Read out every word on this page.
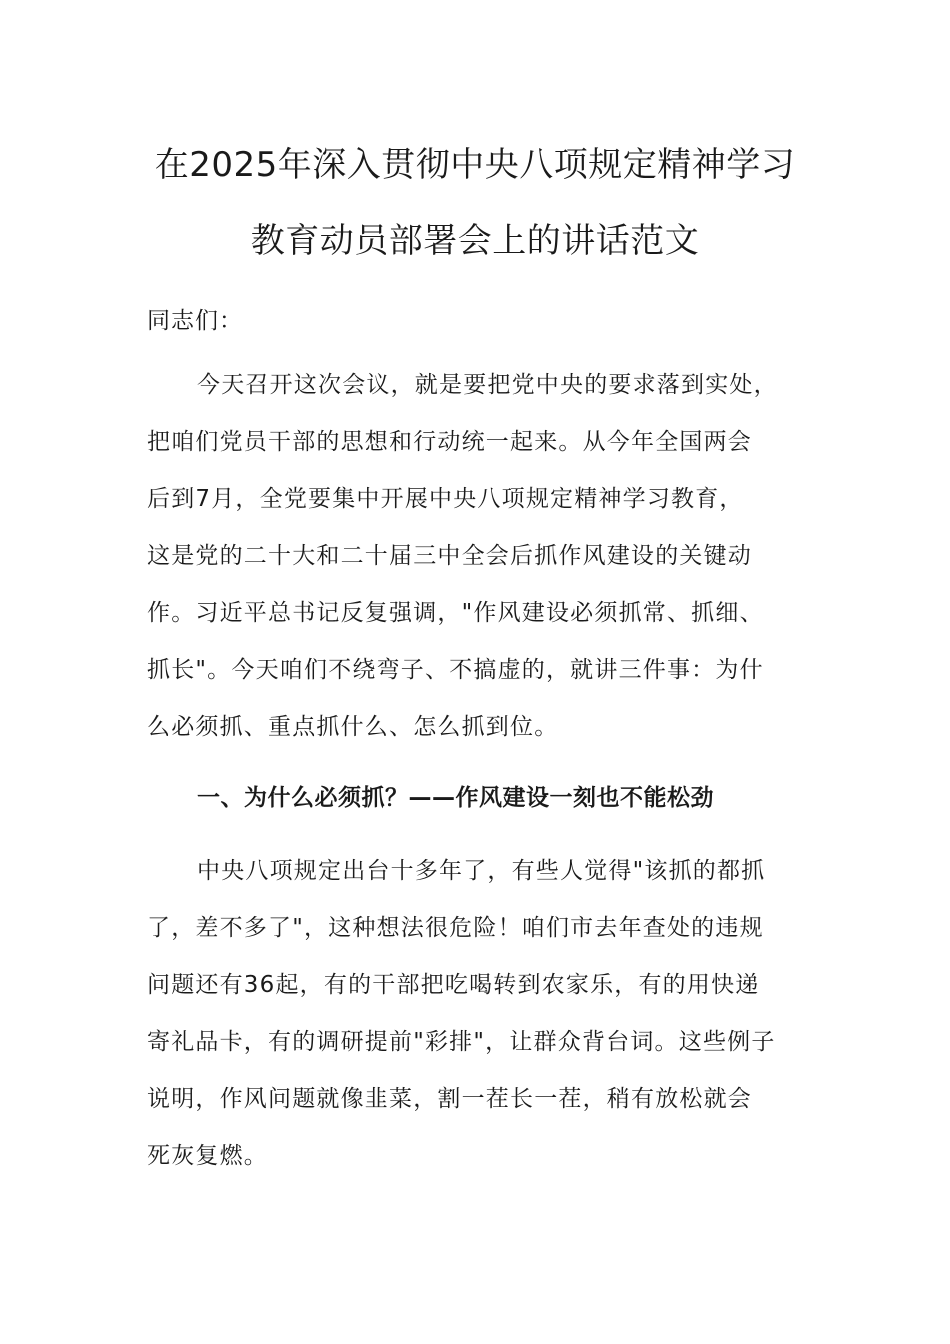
在2025年深入贯彻中央八项规定精神学习
教育动员部署会上的讲话范文
同志们：
今天召开这次会议，就是要把党中央的要求落到实处，
把咱们党员干部的思想和行动统一起来。从今年全国两会
后到7月，全党要集中开展中央八项规定精神学习教育，
这是党的二十大和二十届三中全会后抓作风建设的关键动
作。习近平总书记反复强调，"作风建设必须抓常、抓细、
抓长"。今天咱们不绕弯子、不搞虚的，就讲三件事：为什
么必须抓、重点抓什么、怎么抓到位。
一、为什么必须抓？——作风建设一刻也不能松劲
中央八项规定出台十多年了，有些人觉得"该抓的都抓
了，差不多了"，这种想法很危险！咱们市去年查处的违规
问题还有36起，有的干部把吃喝转到农家乐，有的用快递
寄礼品卡，有的调研提前"彩排"，让群众背台词。这些例子
说明，作风问题就像韭菜，割一茬长一茬，稍有放松就会
死灰复燃。
